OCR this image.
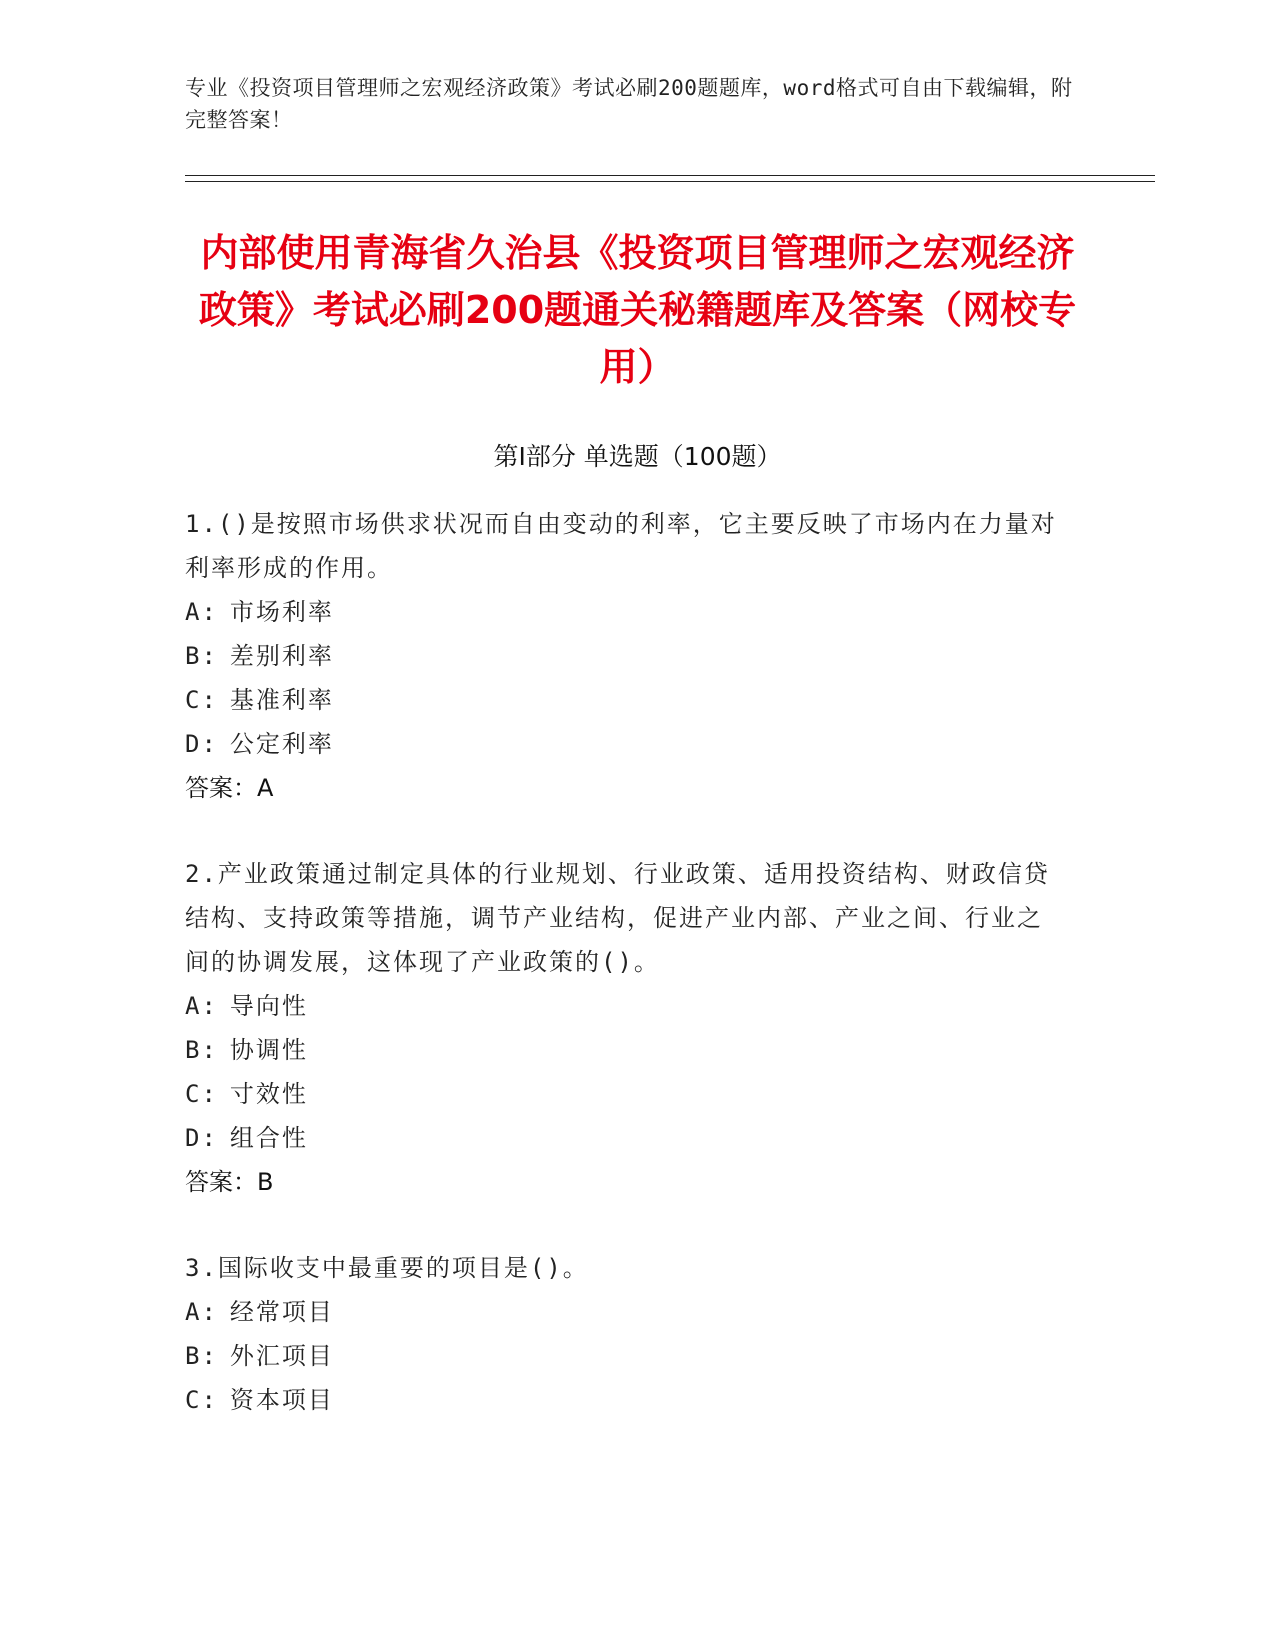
专业《投资项目管理师之宏观经济政策》考试必刷200题题库，word格式可自由下载编辑，附完整答案！
内部使用青海省久治县《投资项目管理师之宏观经济政策》考试必刷200题通关秘籍题库及答案（网校专用）
第I部分 单选题（100题）

1.()是按照市场供求状况而自由变动的利率，它主要反映了市场内在力量对利率形成的作用。

A: 市场利率

B: 差别利率

C: 基准利率

D: 公定利率

答案：A

2.产业政策通过制定具体的行业规划、行业政策、适用投资结构、财政信贷结构、支持政策等措施，调节产业结构，促进产业内部、产业之间、行业之间的协调发展，这体现了产业政策的()。

A: 导向性

B: 协调性

C: 寸效性

D: 组合性

答案：B

3.国际收支中最重要的项目是()。

A: 经常项目

B: 外汇项目

C: 资本项目
